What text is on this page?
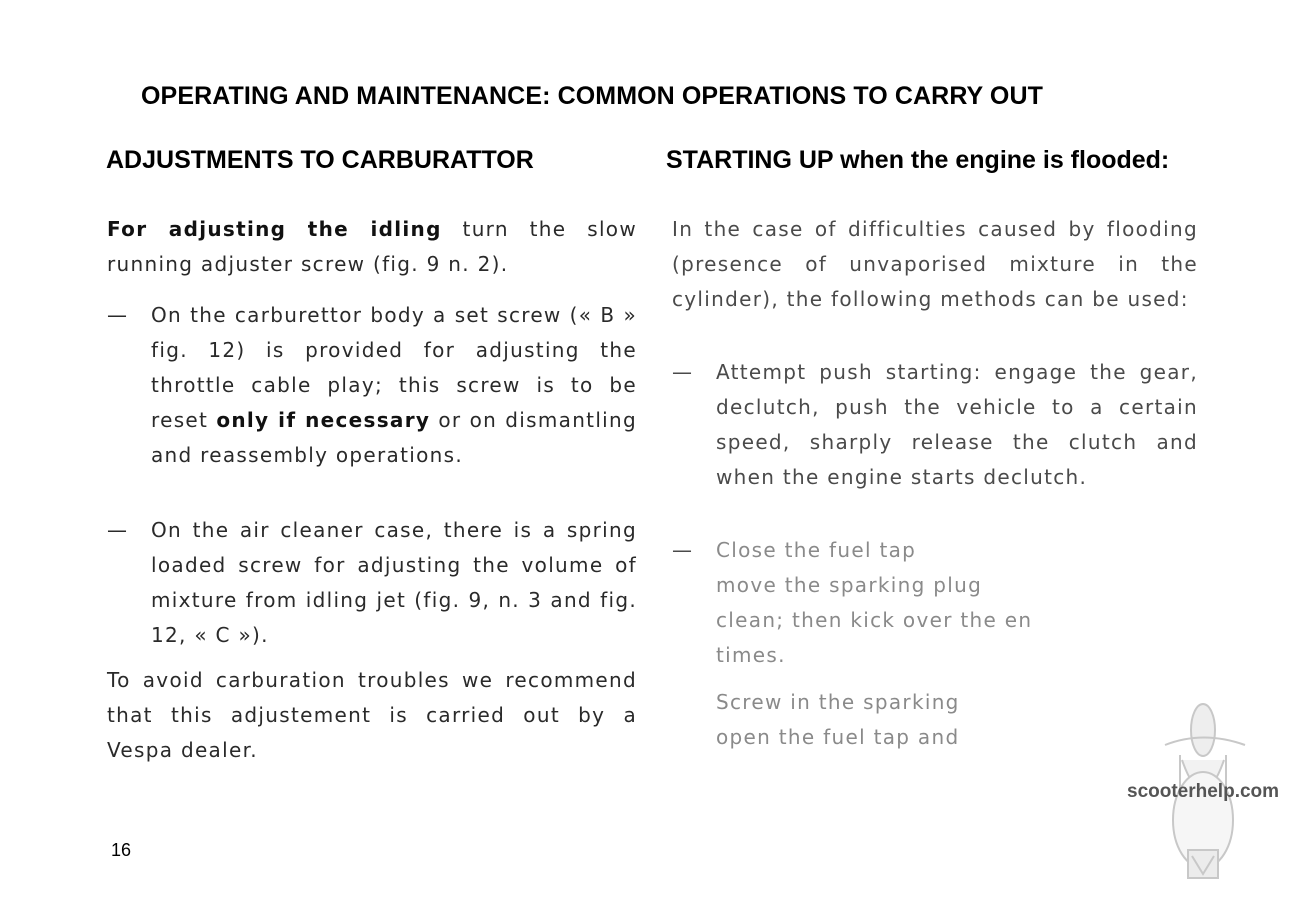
OPERATING AND MAINTENANCE: COMMON OPERATIONS TO CARRY OUT
ADJUSTMENTS TO CARBURATTOR	STARTING UP when the engine is flooded:

For adjusting the idling turn the slow running adjuster screw (fig. 9 n. 2).

— On the carburettor body a set screw (« B » fig. 12) is provided for adjusting the throttle cable play; this screw is to be reset only if necessary or on dismantling and reassembly operations.
— On the air cleaner case, there is a spring loaded screw for adjusting the volume of mixture from idling jet (fig. 9, n. 3 and fig. 12, « C »).

To avoid carburation troubles we recommend that this adjustement is carried out by a Vespa dealer.

In the case of difficulties caused by flooding (presence of unvaporised mixture in the cylinder), the following methods can be used:

— Attempt push starting: engage the gear, declutch, push the vehicle to a certain speed, sharply release the clutch and when the engine starts declutch.
— Close the fuel tap
move the sparking plug
clean; then kick over the en
times.
Screw in the sparking
open the fuel tap and

16

scooterhelp.com
